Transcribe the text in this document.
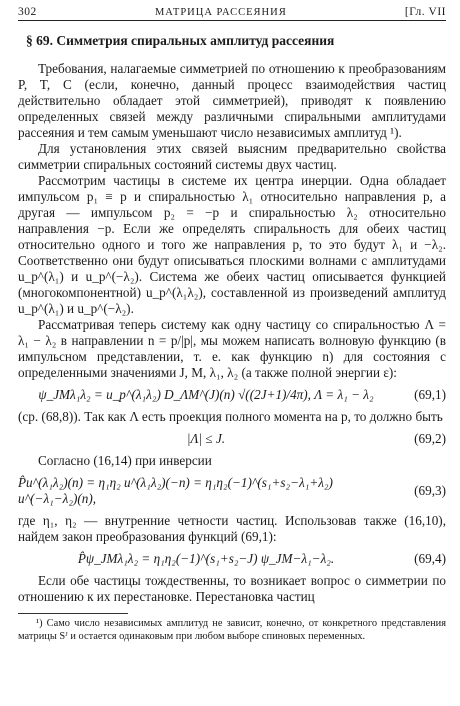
302	МАТРИЦА РАССЕЯНИЯ	[Гл. VII
§ 69. Симметрия спиральных амплитуд рассеяния

Требования, налагаемые симметрией по отношению к преобразованиям P, T, C (если, конечно, данный процесс взаимодействия частиц действительно обладает этой симметрией), приводят к появлению определенных связей между различными спиральными амплитудами рассеяния и тем самым уменьшают число независимых амплитуд ¹).

Для установления этих связей выясним предварительно свойства симметрии спиральных состояний системы двух частиц.

Рассмотрим частицы в системе их центра инерции. Одна обладает импульсом p₁ ≡ p и спиральностью λ₁ относительно направления p, а другая — импульсом p₂ = −p и спиральностью λ₂ относительно направления −p. Если же определять спиральность для обеих частиц относительно одного и того же направления p, то это будут λ₁ и −λ₂. Соответственно они будут описываться плоскими волнами с амплитудами u_p^(λ₁) и u_p^(−λ₂). Система же обеих частиц описывается функцией (многокомпонентной) u_p^(λ₁λ₂), составленной из произведений амплитуд u_p^(λ₁) и u_p^(−λ₂).

Рассматривая теперь систему как одну частицу со спиральностью Λ = λ₁ − λ₂ в направлении n = p/|p|, мы можем написать волновую функцию (в импульсном представлении, т. е. как функцию n) для состояния с определенными значениями J, M, λ₁, λ₂ (а также полной энергии ε):

ψ_JMλ₁λ₂ = u_p^(λ₁λ₂) D_ΛM^(J)(n) √((2J+1)/4π), Λ = λ₁ − λ₂	(69,1)

(ср. (68,8)). Так как Λ есть проекция полного момента на p, то должно быть

|Λ| ≤ J.	(69,2)

Согласно (16,14) при инверсии

P̂u^(λ₁λ₂)(n) = η₁η₂ u^(λ₁λ₂)(−n) = η₁η₂(−1)^(s₁+s₂−λ₁+λ₂) u^(−λ₁−λ₂)(n),
(69,3)

где η₁, η₂ — внутренние четности частиц. Использовав также (16,10), найдем закон преобразования функций (69,1):

P̂ψ_JMλ₁λ₂ = η₁η₂(−1)^(s₁+s₂−J) ψ_JM−λ₁−λ₂.	(69,4)

Если обе частицы тождественны, то возникает вопрос о симметрии по отношению к их перестановке. Перестановка частиц

¹) Само число независимых амплитуд не зависит, конечно, от конкретного представления матрицы Sᴶ и остается одинаковым при любом выборе спиновых переменных.
